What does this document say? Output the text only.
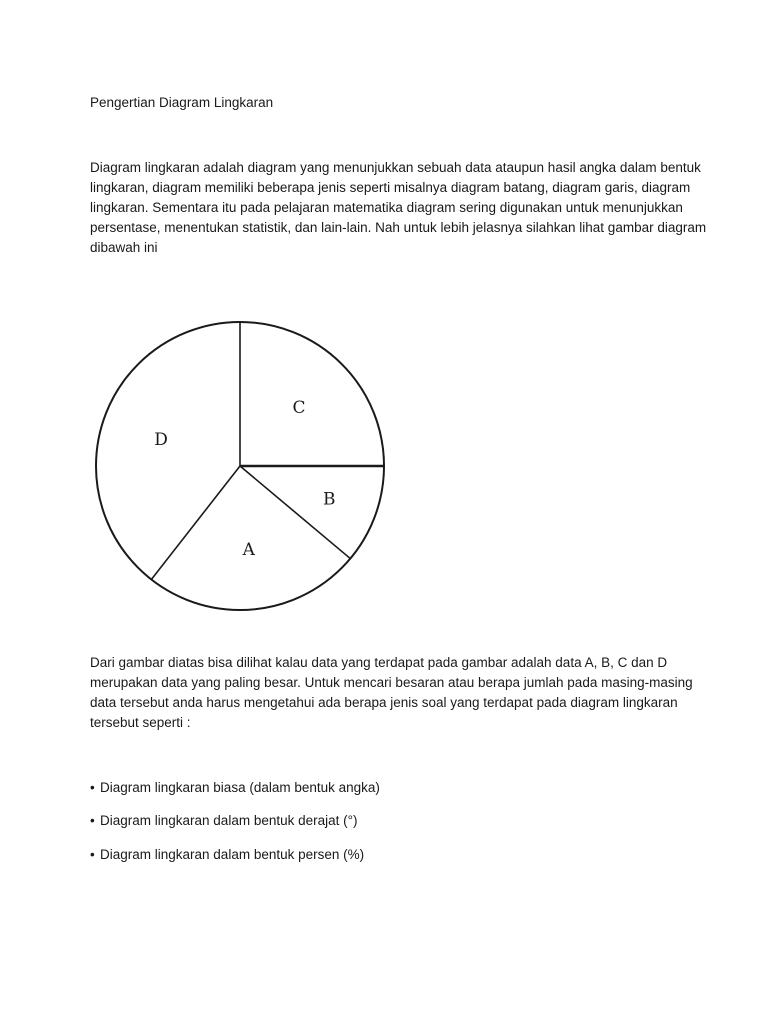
Pengertian Diagram Lingkaran

Diagram lingkaran adalah diagram yang menunjukkan sebuah data ataupun hasil angka dalam bentuk
lingkaran, diagram memiliki beberapa jenis seperti misalnya diagram batang, diagram garis, diagram
lingkaran. Sementara itu pada pelajaran matematika diagram sering digunakan untuk menunjukkan
persentase, menentukan statistik, dan lain-lain. Nah untuk lebih jelasnya silahkan lihat gambar diagram
dibawah ini

C
B
A
D

Dari gambar diatas bisa dilihat kalau data yang terdapat pada gambar adalah data A, B, C dan D
merupakan data yang paling besar. Untuk mencari besaran atau berapa jumlah pada masing-masing
data tersebut anda harus mengetahui ada berapa jenis soal yang terdapat pada diagram lingkaran
tersebut seperti :

• Diagram lingkaran biasa (dalam bentuk angka)
• Diagram lingkaran dalam bentuk derajat (°)
• Diagram lingkaran dalam bentuk persen (%)
